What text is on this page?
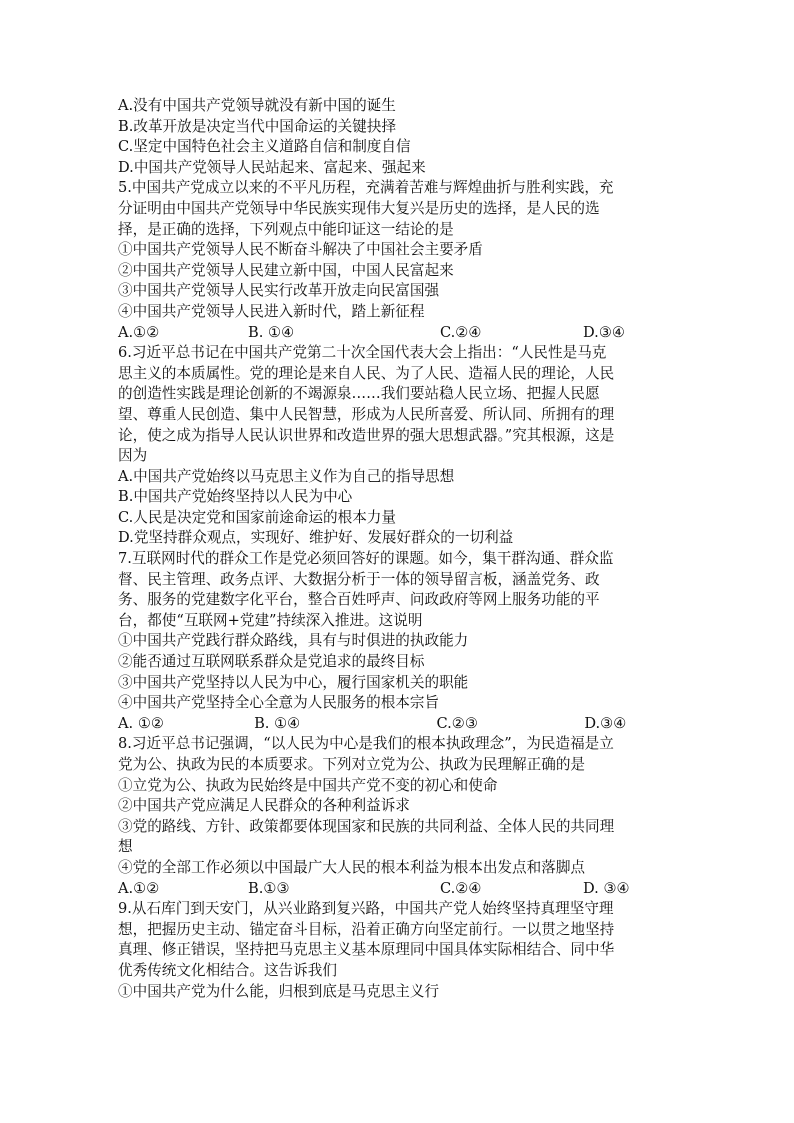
A.没有中国共产党领导就没有新中国的诞生
B.改革开放是决定当代中国命运的关键抉择
C.坚定中国特色社会主义道路自信和制度自信
D.中国共产党领导人民站起来、富起来、强起来
5.中国共产党成立以来的不平凡历程，充满着苦难与辉煌曲折与胜利实践，充
分证明由中国共产党领导中华民族实现伟大复兴是历史的选择，是人民的选
择，是正确的选择，下列观点中能印证这一结论的是
①中国共产党领导人民不断奋斗解决了中国社会主要矛盾
②中国共产党领导人民建立新中国，中国人民富起来
③中国共产党领导人民实行改革开放走向民富国强
④中国共产党领导人民进入新时代，踏上新征程
A.①②	B. ①④	C.②④	D.③④
6.习近平总书记在中国共产党第二十次全国代表大会上指出：“人民性是马克
思主义的本质属性。党的理论是来自人民、为了人民、造福人民的理论，人民
的创造性实践是理论创新的不竭源泉……我们要站稳人民立场、把握人民愿
望、尊重人民创造、集中人民智慧，形成为人民所喜爱、所认同、所拥有的理
论，使之成为指导人民认识世界和改造世界的强大思想武器。”究其根源，这是
因为
A.中国共产党始终以马克思主义作为自己的指导思想
B.中国共产党始终坚持以人民为中心
C.人民是决定党和国家前途命运的根本力量
D.党坚持群众观点，实现好、维护好、发展好群众的一切利益
7.互联网时代的群众工作是党必须回答好的课题。如今，集干群沟通、群众监
督、民主管理、政务点评、大数据分析于一体的领导留言板，涵盖党务、政
务、服务的党建数字化平台，整合百姓呼声、问政政府等网上服务功能的平
台，都使“互联网+党建”持续深入推进。这说明
①中国共产党践行群众路线，具有与时俱进的执政能力
②能否通过互联网联系群众是党追求的最终目标
③中国共产党坚持以人民为中心，履行国家机关的职能
④中国共产党坚持全心全意为人民服务的根本宗旨
A. ①②	B. ①④	C.②③	D.③④
8.习近平总书记强调，“以人民为中心是我们的根本执政理念”，为民造福是立
党为公、执政为民的本质要求。下列对立党为公、执政为民理解正确的是
①立党为公、执政为民始终是中国共产党不变的初心和使命
②中国共产党应满足人民群众的各种利益诉求
③党的路线、方针、政策都要体现国家和民族的共同利益、全体人民的共同理
想
④党的全部工作必须以中国最广大人民的根本利益为根本出发点和落脚点
A.①②	B.①③	C.②④	D. ③④
9.从石库门到天安门，从兴业路到复兴路，中国共产党人始终坚持真理坚守理
想，把握历史主动、锚定奋斗目标，沿着正确方向坚定前行。一以贯之地坚持
真理、修正错误，坚持把马克思主义基本原理同中国具体实际相结合、同中华
优秀传统文化相结合。这告诉我们
①中国共产党为什么能，归根到底是马克思主义行
